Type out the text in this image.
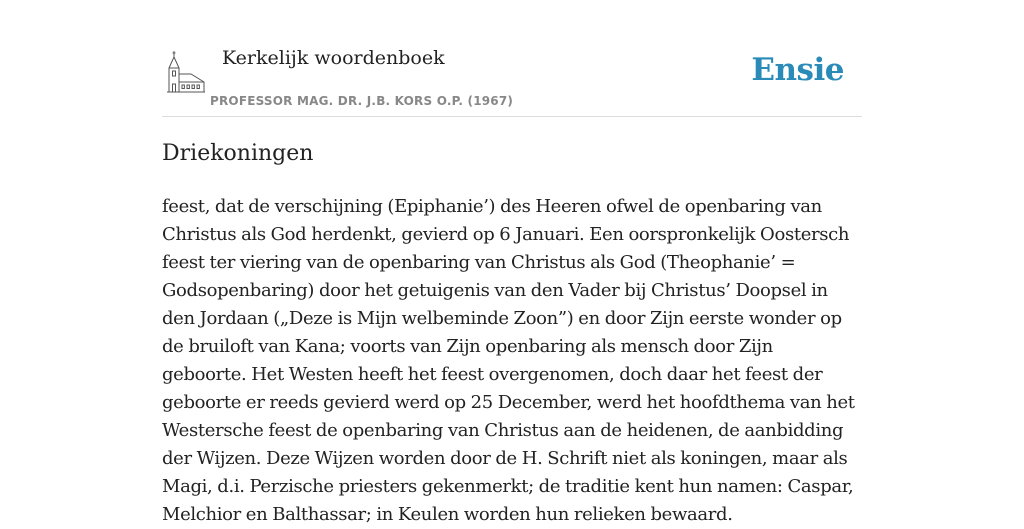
Kerkelijk woordenboek
PROFESSOR MAG. DR. J.B. KORS O.P. (1967)
Ensie
Driekoningen

feest, dat de verschijning (Epiphanie’) des Heeren ofwel de openbaring van Christus als God herdenkt, gevierd op 6 Januari. Een oorspronkelijk Oostersch feest ter viering van de openbaring van Christus als God (Theophanie’ = Godsopenbaring) door het getuigenis van den Vader bij Christus’ Doopsel in den Jordaan („Deze is Mijn welbeminde Zoon”) en door Zijn eerste wonder op de bruiloft van Kana; voorts van Zijn openbaring als mensch door Zijn geboorte. Het Westen heeft het feest overgenomen, doch daar het feest der geboorte er reeds gevierd werd op 25 December, werd het hoofdthema van het Westersche feest de openbaring van Christus aan de heidenen, de aanbidding der Wijzen. Deze Wijzen worden door de H. Schrift niet als koningen, maar als Magi, d.i. Perzische priesters gekenmerkt; de traditie kent hun namen: Caspar, Melchior en Balthassar; in Keulen worden hun relieken bewaard.
